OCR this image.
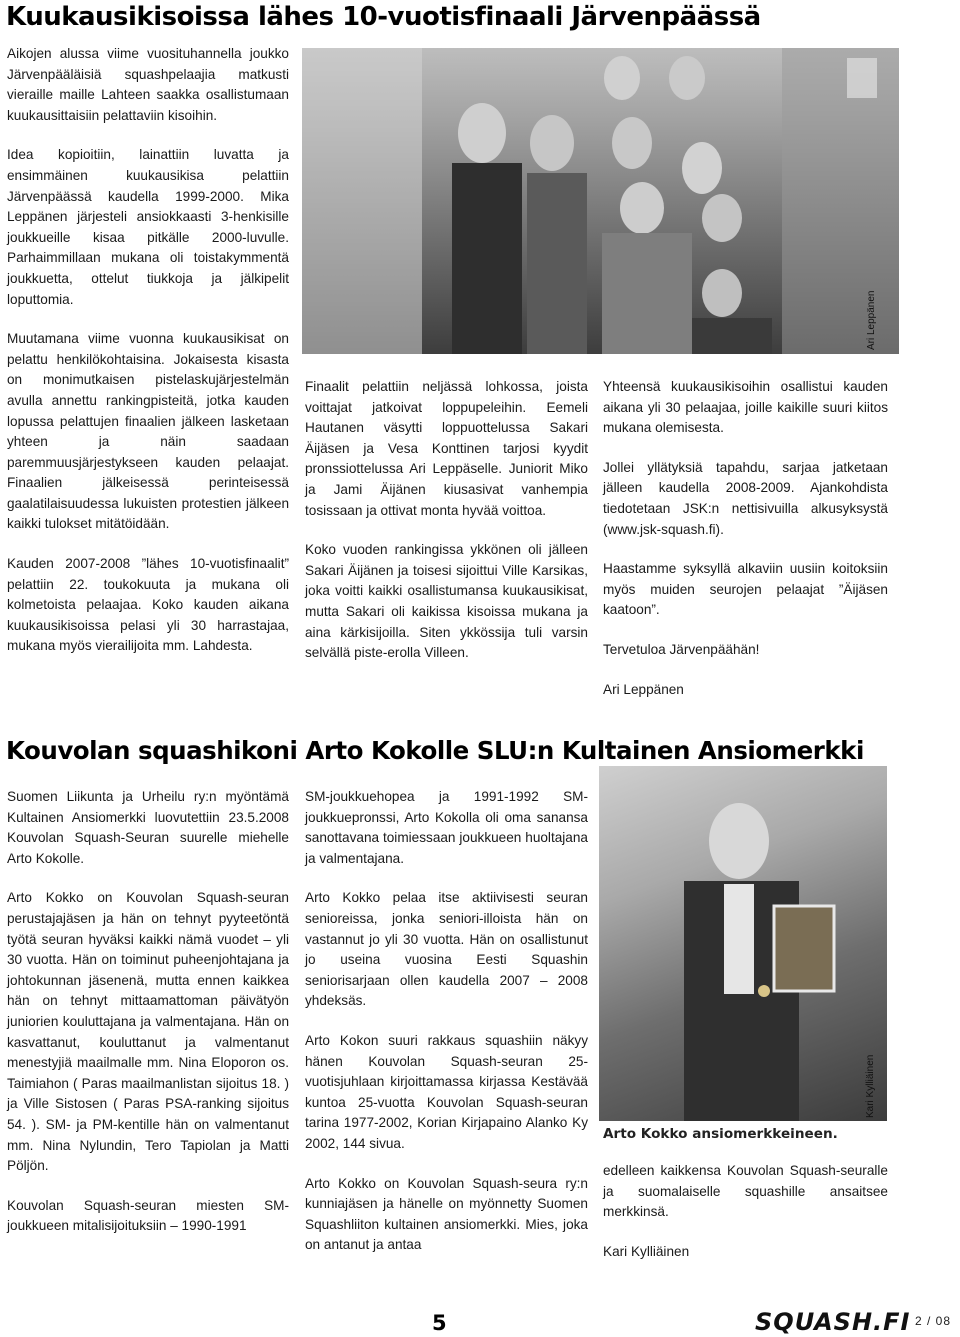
Kuukausikisoissa lähes 10-vuotisfinaali Järvenpäässä

Aikojen alussa viime vuosituhannella joukko Järvenpääläisiä squashpelaajia matkusti vieraille maille Lahteen saakka osallistumaan kuukausittaisiin pelattaviin kisoihin.

Idea kopioitiin, lainattiin luvatta ja ensimmäinen kuukausikisa pelattiin Järvenpäässä kaudella 1999-2000. Mika Leppänen järjesteli ansiokkaasti 3-henkisille joukkueille kisaa pitkälle 2000-luvulle. Parhaimmillaan mukana oli toistakymmentä joukkuetta, ottelut tiukkoja ja jälkipelit loputtomia.

Muutamana viime vuonna kuukausikisat on pelattu henkilökohtaisina. Jokaisesta kisasta on monimutkaisen pistelaskujärjestelmän avulla annettu rankingpisteitä, jotka kauden lopussa pelattujen finaalien jälkeen lasketaan yhteen ja näin saadaan paremmuusjärjestykseen kauden pelaajat. Finaalien jälkeisessä perinteisessä gaalatilaisuudessa lukuisten protestien jälkeen kaikki tulokset mitätöidään.

Kauden 2007-2008 ”lähes 10-vuotisfinaalit” pelattiin 22. toukokuuta ja mukana oli kolmetoista pelaajaa. Koko kauden aikana kuukausikisoissa pelasi yli 30 harrastajaa, mukana myös vierailijoita mm. Lahdesta.

Ari Leppänen

Finaalit pelattiin neljässä lohkossa, joista voittajat jatkoivat loppupeleihin. Eemeli Hautanen väsytti loppuottelussa Sakari Äijäsen ja Vesa Konttinen tarjosi kyydit pronssiottelussa Ari Leppäselle. Juniorit Miko ja Jami Äijänen kiusasivat vanhempia tosissaan ja ottivat monta hyvää voittoa.

Koko vuoden rankingissa ykkönen oli jälleen Sakari Äijänen ja toisesi sijoittui Ville Karsikas, joka voitti kaikki osallistumansa kuukausikisat, mutta Sakari oli kaikissa kisoissa mukana ja aina kärkisijoilla. Siten ykkössija tuli varsin selvällä piste-erolla Villeen.

Yhteensä kuukausikisoihin osallistui kauden aikana yli 30 pelaajaa, joille kaikille suuri kiitos mukana olemisesta.

Jollei yllätyksiä tapahdu, sarjaa jatketaan jälleen kaudella 2008-2009. Ajankohdista tiedotetaan JSK:n nettisivuilla alkusyksystä (www.jsk-squash.fi).

Haastamme syksyllä alkaviin uusiin koitoksiin myös muiden seurojen pelaajat ”Äijäsen kaatoon”.

Tervetuloa Järvenpäähän!

Ari Leppänen

Kouvolan squashikoni Arto Kokolle SLU:n Kultainen Ansiomerkki

Suomen Liikunta ja Urheilu ry:n myöntämä Kultainen Ansiomerkki luovutettiin 23.5.2008 Kouvolan Squash-Seuran suurelle miehelle Arto Kokolle.

Arto Kokko on Kouvolan Squash-seuran perustajajäsen ja hän on tehnyt pyyteetöntä työtä seuran hyväksi kaikki nämä vuodet – yli 30 vuotta. Hän on toiminut puheenjohtajana ja johtokunnan jäsenenä, mutta ennen kaikkea hän on tehnyt mittaamattoman päivätyön juniorien kouluttajana ja valmentajana. Hän on kasvattanut, kouluttanut ja valmentanut menestyjiä maailmalle mm. Nina Eloporon os. Taimiahon ( Paras maailmanlistan sijoitus 18. ) ja Ville Sistosen ( Paras PSA-ranking sijoitus 54. ). SM- ja PM-kentille hän on valmentanut mm. Nina Nylundin, Tero Tapiolan ja Matti Pöljön.

Kouvolan Squash-seuran miesten SM-joukkueen mitalisijoituksiin – 1990-1991

SM-joukkuehopea ja 1991-1992 SM-joukkuepronssi, Arto Kokolla oli oma sanansa sanottavana toimiessaan joukkueen huoltajana ja valmentajana.

Arto Kokko pelaa itse aktiivisesti seuran senioreissa, jonka seniori-illoista hän on vastannut jo yli 30 vuotta. Hän on osallistunut jo useina vuosina Eesti Squashin seniorisarjaan ollen kaudella 2007 – 2008 yhdeksäs.

Arto Kokon suuri rakkaus squashiin näkyy hänen Kouvolan Squash-seuran 25-vuotisjuhlaan kirjoittamassa kirjassa Kestävää kuntoa 25-vuotta Kouvolan Squash-seuran tarina 1977-2002, Korian Kirjapaino Alanko Ky 2002, 144 sivua.

Arto Kokko on Kouvolan Squash-seura ry:n kunniajäsen ja hänelle on myönnetty Suomen Squashliiton kultainen ansiomerkki. Mies, joka on antanut ja antaa

Kari Kylliäinen

Arto Kokko ansiomerkkeineen.

edelleen kaikkensa Kouvolan Squash-seuralle ja suomalaiselle squashille ansaitsee merkkinsä.

Kari Kylliäinen

5	SQUASH.FI 2 / 08
